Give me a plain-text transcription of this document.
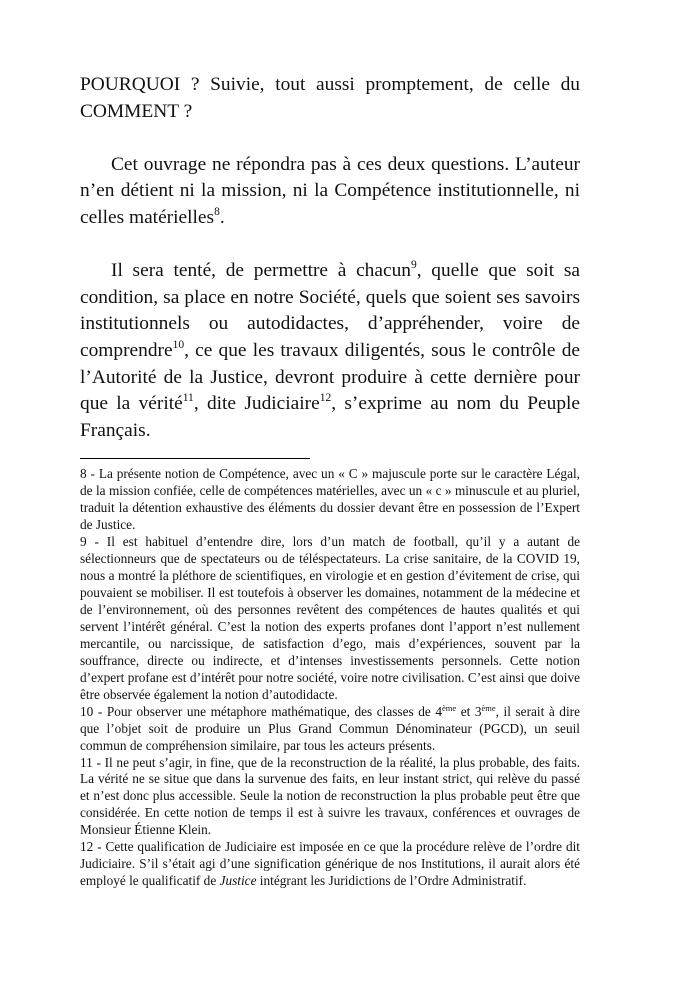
POURQUOI ? Suivie, tout aussi promptement, de celle du COMMENT ?

Cet ouvrage ne répondra pas à ces deux questions. L’auteur n’en détient ni la mission, ni la Compétence institutionnelle, ni celles matérielles$^8$.

Il sera tenté, de permettre à chacun$^9$, quelle que soit sa condition, sa place en notre Société, quels que soient ses savoirs institutionnels ou autodidactes, d’appréhender, voire de comprendre$^{10}$, ce que les travaux diligentés, sous le contrôle de l’Autorité de la Justice, devront produire à cette dernière pour que la vérité$^{11}$, dite Judiciaire$^{12}$, s’exprime au nom du Peuple Français.

8 - La présente notion de Compétence, avec un « C » majuscule porte sur le caractère Légal, de la mission confiée, celle de compétences matérielles, avec un « c » minuscule et au pluriel, traduit la détention exhaustive des éléments du dossier devant être en possession de l’Expert de Justice.

9 - Il est habituel d’entendre dire, lors d’un match de football, qu’il y a autant de sélectionneurs que de spectateurs ou de téléspectateurs. La crise sanitaire, de la COVID 19, nous a montré la pléthore de scientifiques, en virologie et en gestion d’évitement de crise, qui pouvaient se mobiliser. Il est toutefois à observer les domaines, notamment de la médecine et de l’environnement, où des personnes revêtent des compétences de hautes qualités et qui servent l’intérêt général. C’est la notion des experts profanes dont l’apport n’est nullement mercantile, ou narcissique, de satisfaction d’ego, mais d’expériences, souvent par la souffrance, directe ou indirecte, et d’intenses investissements personnels. Cette notion d’expert profane est d’intérêt pour notre société, voire notre civilisation. C’est ainsi que doive être observée également la notion d’autodidacte.

10 - Pour observer une métaphore mathématique, des classes de 4ème et 3ème, il serait à dire que l’objet soit de produire un Plus Grand Commun Dénominateur (PGCD), un seuil commun de compréhension similaire, par tous les acteurs présents.

11 - Il ne peut s’agir, in fine, que de la reconstruction de la réalité, la plus probable, des faits. La vérité ne se situe que dans la survenue des faits, en leur instant strict, qui relève du passé et n’est donc plus accessible. Seule la notion de reconstruction la plus probable peut être que considérée. En cette notion de temps il est à suivre les travaux, conférences et ouvrages de Monsieur Étienne Klein.

12 - Cette qualification de Judiciaire est imposée en ce que la procédure relève de l’ordre dit Judiciaire. S’il s’était agi d’une signification générique de nos Institutions, il aurait alors été employé le qualificatif de Justice intégrant les Juridictions de l’Ordre Administratif.
